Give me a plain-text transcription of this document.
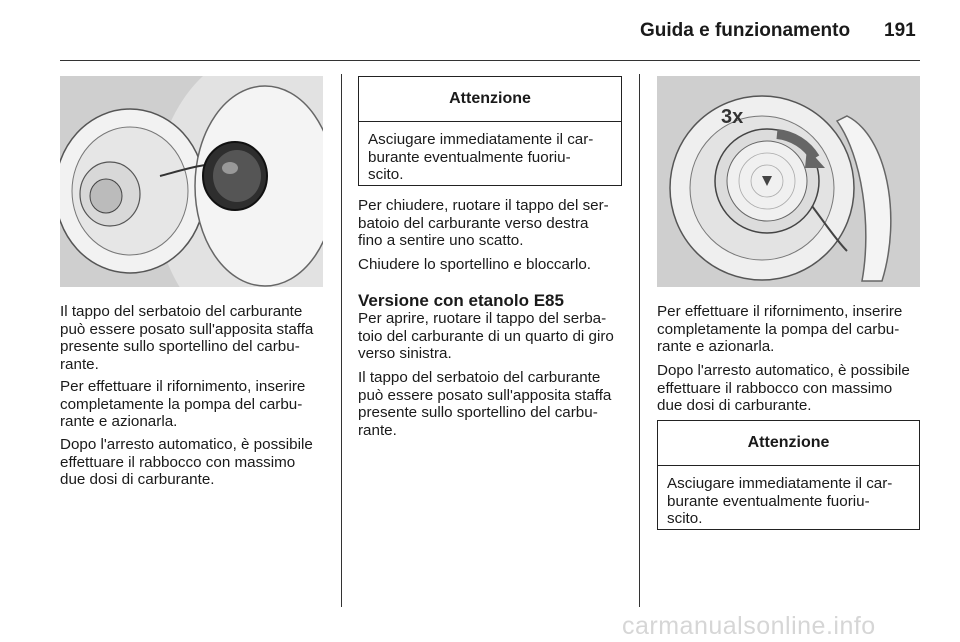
Guida e funzionamento 191
Il tappo del serbatoio del carburante
può essere posato sull'apposita staffa
presente sullo sportellino del carbu-
rante.
Per effettuare il rifornimento, inserire
completamente la pompa del carbu-
rante e azionarla.
Dopo l'arresto automatico, è possibile
effettuare il rabbocco con massimo
due dosi di carburante.
Attenzione
Asciugare immediatamente il car-
burante eventualmente fuoriu-
scito.
Per chiudere, ruotare il tappo del ser-
batoio del carburante verso destra
fino a sentire uno scatto.
Chiudere lo sportellino e bloccarlo.
Versione con etanolo E85
Per aprire, ruotare il tappo del serba-
toio del carburante di un quarto di giro
verso sinistra.
Il tappo del serbatoio del carburante
può essere posato sull'apposita staffa
presente sullo sportellino del carbu-
rante.
3x
Per effettuare il rifornimento, inserire
completamente la pompa del carbu-
rante e azionarla.
Dopo l'arresto automatico, è possibile
effettuare il rabbocco con massimo
due dosi di carburante.
Attenzione
Asciugare immediatamente il car-
burante eventualmente fuoriu-
scito.
carmanualsonline.info
